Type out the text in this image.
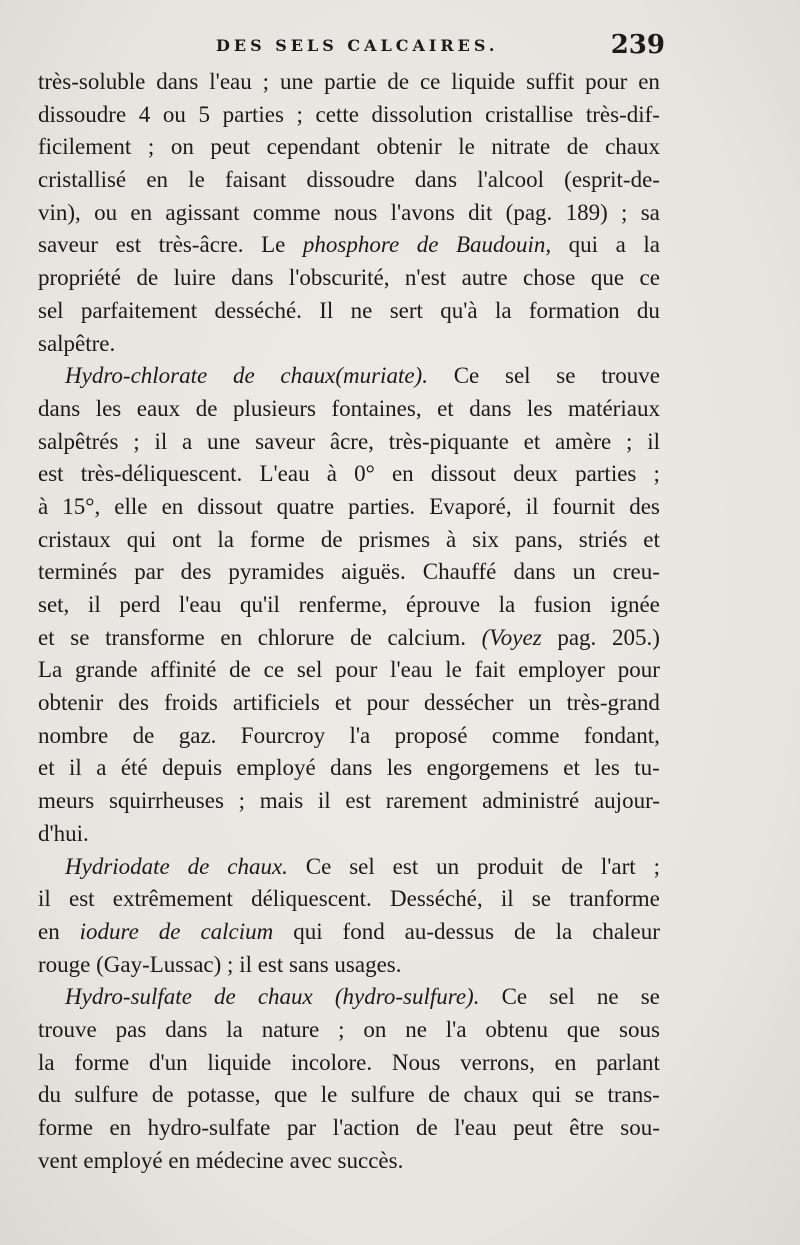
DES SELS CALCAIRES.	239
très-soluble dans l'eau ; une partie de ce liquide suffit pour en
dissoudre 4 ou 5 parties ; cette dissolution cristallise très-dif-
ficilement ; on peut cependant obtenir le nitrate de chaux
cristallisé en le faisant dissoudre dans l'alcool (esprit-de-
vin), ou en agissant comme nous l'avons dit (pag. 189) ; sa
saveur est très-âcre. Le phosphore de Baudouin, qui a la
propriété de luire dans l'obscurité, n'est autre chose que ce
sel parfaitement desséché. Il ne sert qu'à la formation du
salpêtre.
Hydro-chlorate de chaux(muriate). Ce sel se trouve
dans les eaux de plusieurs fontaines, et dans les matériaux
salpêtrés ; il a une saveur âcre, très-piquante et amère ; il
est très-déliquescent. L'eau à 0° en dissout deux parties ;
à 15°, elle en dissout quatre parties. Evaporé, il fournit des
cristaux qui ont la forme de prismes à six pans, striés et
terminés par des pyramides aiguës. Chauffé dans un creu-
set, il perd l'eau qu'il renferme, éprouve la fusion ignée
et se transforme en chlorure de calcium. (Voyez pag. 205.)
La grande affinité de ce sel pour l'eau le fait employer pour
obtenir des froids artificiels et pour dessécher un très-grand
nombre de gaz. Fourcroy l'a proposé comme fondant,
et il a été depuis employé dans les engorgemens et les tu-
meurs squirrheuses ; mais il est rarement administré aujour-
d'hui.
Hydriodate de chaux. Ce sel est un produit de l'art ;
il est extrêmement déliquescent. Desséché, il se tranforme
en iodure de calcium qui fond au-dessus de la chaleur
rouge (Gay-Lussac) ; il est sans usages.
Hydro-sulfate de chaux (hydro-sulfure). Ce sel ne se
trouve pas dans la nature ; on ne l'a obtenu que sous
la forme d'un liquide incolore. Nous verrons, en parlant
du sulfure de potasse, que le sulfure de chaux qui se trans-
forme en hydro-sulfate par l'action de l'eau peut être sou-
vent employé en médecine avec succès.
